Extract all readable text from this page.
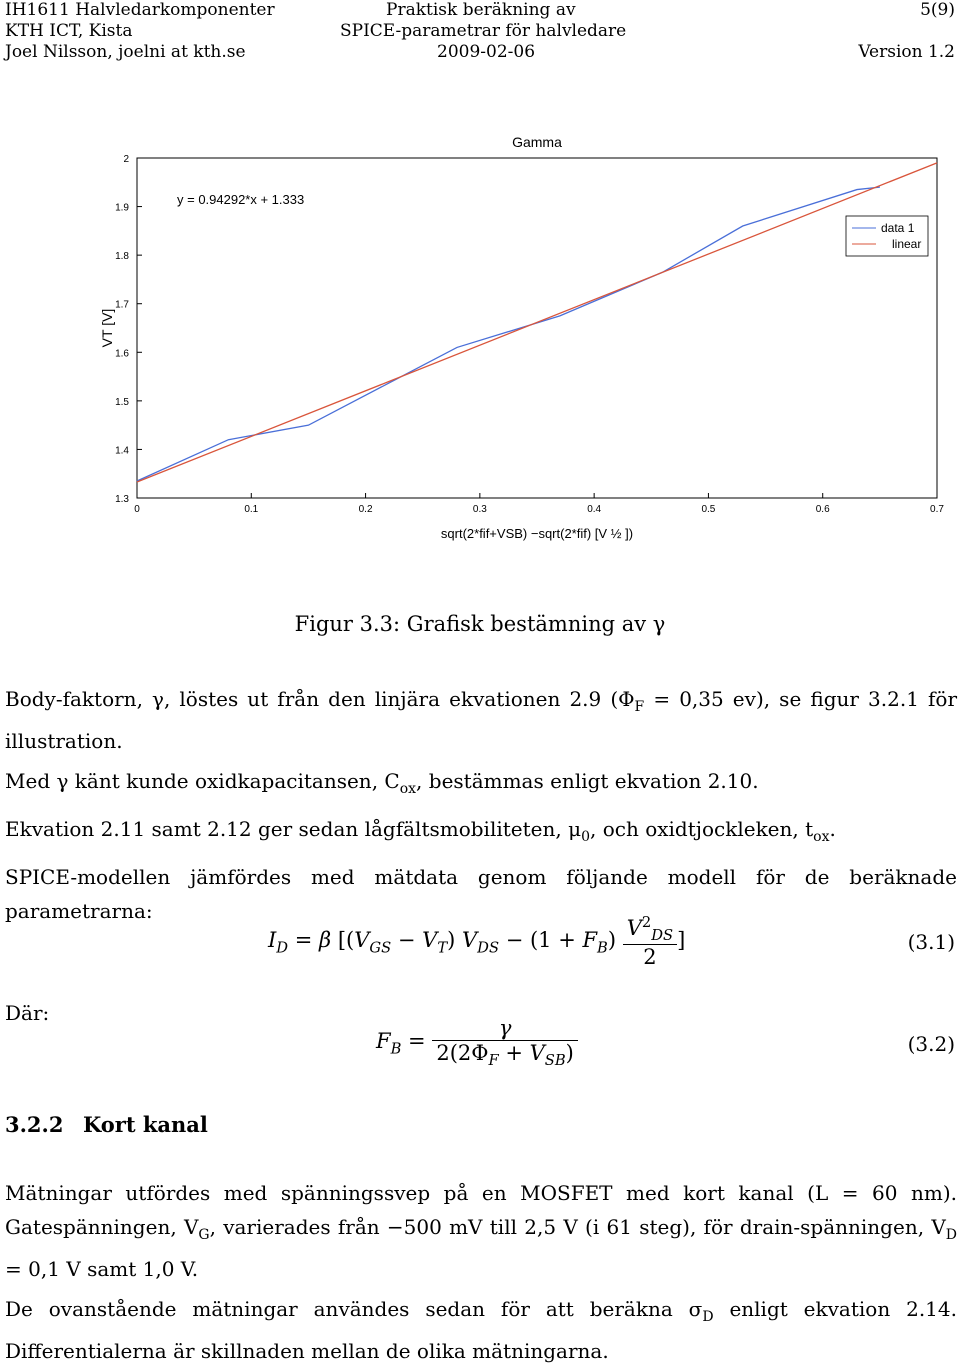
IH1611 Halvledarkomponenter
KTH ICT, Kista
Joel Nilsson, joelni at kth.se
Praktisk beräkning av
SPICE-parametrar för halvledare
2009-02-06
5(9)
Version 1.2
Gamma
0	0.1	0.2	0.3	0.4	0.5	0.6	0.7
1.3
1.4
1.5
1.6
1.7
1.8
1.9
2
y = 0.94292*x + 1.333
data 1
linear
VT [V]
sqrt(2*fif+VSB) −sqrt(2*fif) [V ½ ])
Figur 3.3: Grafisk bestämning av γ
Body-faktorn, γ, löstes ut från den linjära ekvationen 2.9 ($\Phi_F = 0,35$ ev), se figur 3.2.1 för illustration.
Med γ känt kunde oxidkapacitansen, $C_{ox}$, bestämmas enligt ekvation 2.10.
Ekvation 2.11 samt 2.12 ger sedan lågfältsmobiliteten, $\mu_0$, och oxidtjockleken, $t_{ox}$.
SPICE-modellen jämfördes med mätdata genom följande modell för de beräknade parametrarna:
$I_D = \beta$ [$(V_{GS} - V_T) V_{DS} - (1 + F_B) \frac{V^2_{DS}}{2}$ ]	(3.1)
Där:
$F_B = \frac{\gamma}{2(2\Phi_F + V_{SB})}$	(3.2)
3.2.2 Kort kanal
Mätningar utfördes med spänningssvep på en MOSFET med kort kanal (L = 60 nm). Gatespänningen, $V_G$, varierades från −500 mV till 2,5 V (i 61 steg), för drain-spänningen, $V_D = 0,1$ V samt 1,0 V.
De ovanstående mätningar användes sedan för att beräkna $\sigma_D$ enligt ekvation 2.14. Differentialerna är skillnaden mellan de olika mätningarna.
